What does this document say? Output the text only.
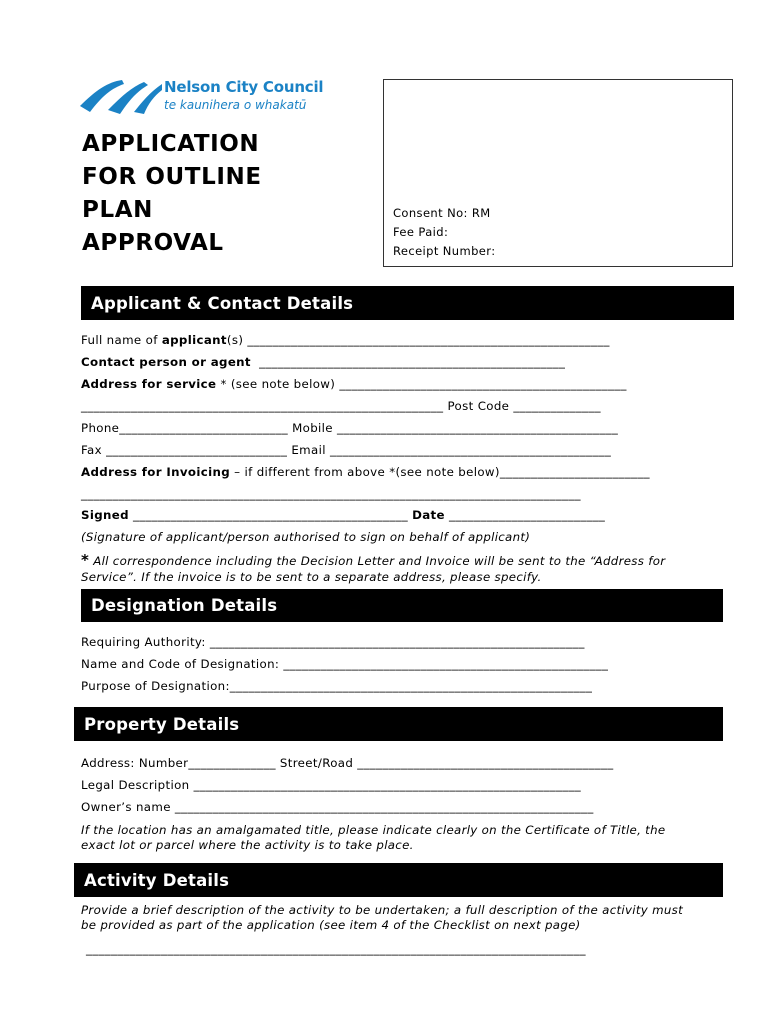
Nelson City Council
te kaunihera o whakatū
APPLICATION
FOR OUTLINE
PLAN
APPROVAL
Consent No: RM
Fee Paid:
Receipt Number:
Applicant & Contact Details
Full name of applicant(s) __________________________________________________________
Contact person or agent _________________________________________________
Address for service * (see note below) ______________________________________________
__________________________________________________________ Post Code ______________
Phone___________________________ Mobile _____________________________________________
Fax _____________________________ Email _____________________________________________
Address for Invoicing – if different from above *(see note below)________________________
________________________________________________________________________________
Signed ____________________________________________ Date _________________________
(Signature of applicant/person authorised to sign on behalf of applicant)
* All correspondence including the Decision Letter and Invoice will be sent to the “Address for
Service”. If the invoice is to be sent to a separate address, please specify.
Designation Details
Requiring Authority: ____________________________________________________________
Name and Code of Designation: ____________________________________________________
Purpose of Designation:__________________________________________________________
Property Details
Address: Number______________ Street/Road _________________________________________
Legal Description ______________________________________________________________
Owner’s name ___________________________________________________________________
If the location has an amalgamated title, please indicate clearly on the Certificate of Title, the
exact lot or parcel where the activity is to take place.
Activity Details
Provide a brief description of the activity to be undertaken; a full description of the activity must
be provided as part of the application (see item 4 of the Checklist on next page)
________________________________________________________________________________
